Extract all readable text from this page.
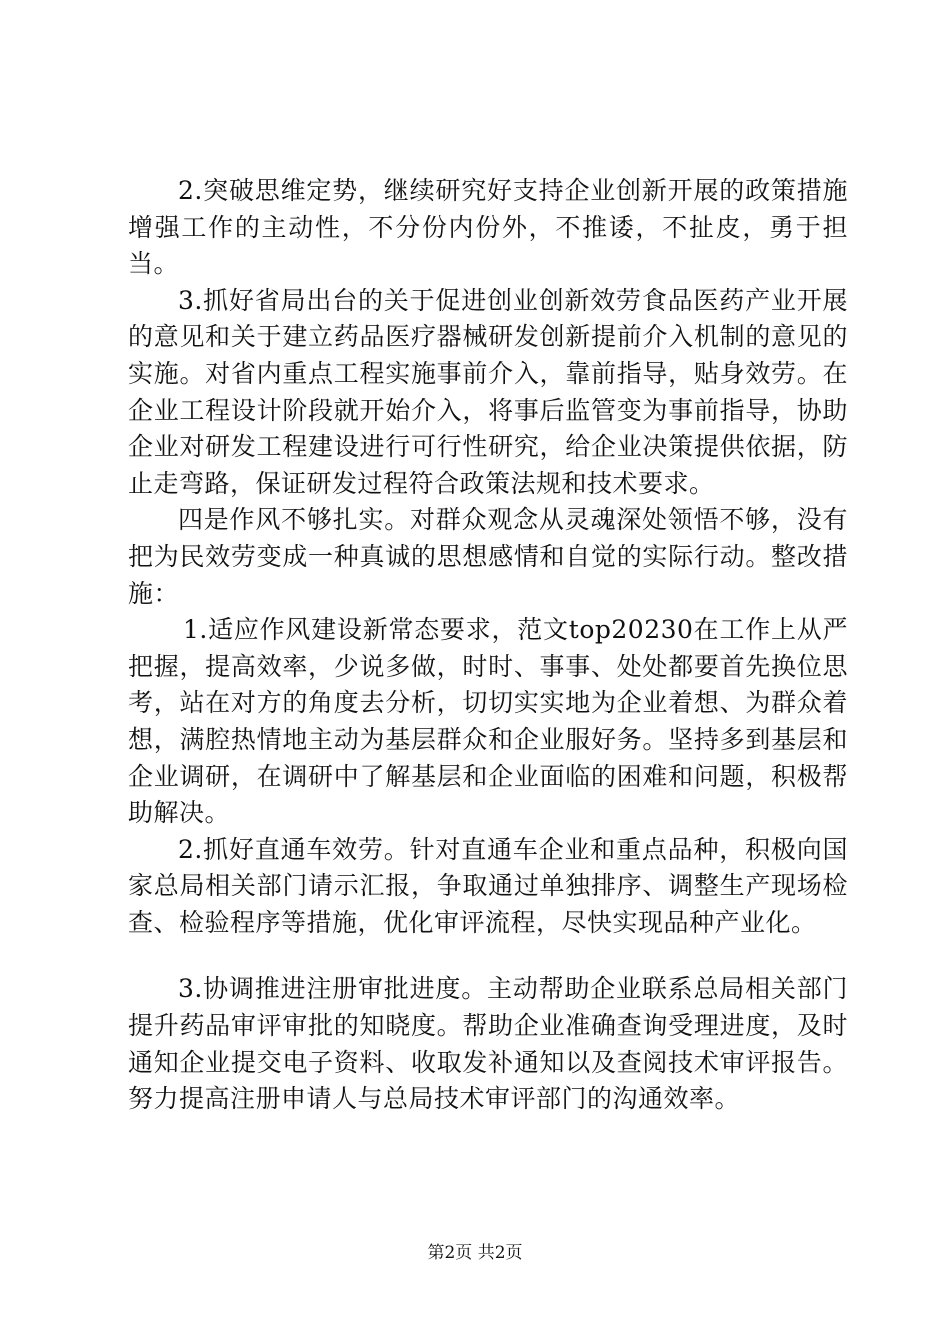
2.突破思维定势，继续研究好支持企业创新开展的政策措施增强工作的主动性，不分份内份外，不推诿，不扯皮，勇于担当。

3.抓好省局出台的关于促进创业创新效劳食品医药产业开展的意见和关于建立药品医疗器械研发创新提前介入机制的意见的实施。对省内重点工程实施事前介入，靠前指导，贴身效劳。在企业工程设计阶段就开始介入，将事后监管变为事前指导，协助企业对研发工程建设进行可行性研究，给企业决策提供依据，防止走弯路，保证研发过程符合政策法规和技术要求。

四是作风不够扎实。对群众观念从灵魂深处领悟不够，没有把为民效劳变成一种真诚的思想感情和自觉的实际行动。整改措施：

1.适应作风建设新常态要求，范文top20230在工作上从严把握，提高效率，少说多做，时时、事事、处处都要首先换位思考，站在对方的角度去分析，切切实实地为企业着想、为群众着想，满腔热情地主动为基层群众和企业服好务。坚持多到基层和企业调研，在调研中了解基层和企业面临的困难和问题，积极帮助解决。

2.抓好直通车效劳。针对直通车企业和重点品种，积极向国家总局相关部门请示汇报，争取通过单独排序、调整生产现场检查、检验程序等措施，优化审评流程，尽快实现品种产业化。

3.协调推进注册审批进度。主动帮助企业联系总局相关部门提升药品审评审批的知晓度。帮助企业准确查询受理进度，及时通知企业提交电子资料、收取发补通知以及查阅技术审评报告。努力提高注册申请人与总局技术审评部门的沟通效率。

第2页 共2页
